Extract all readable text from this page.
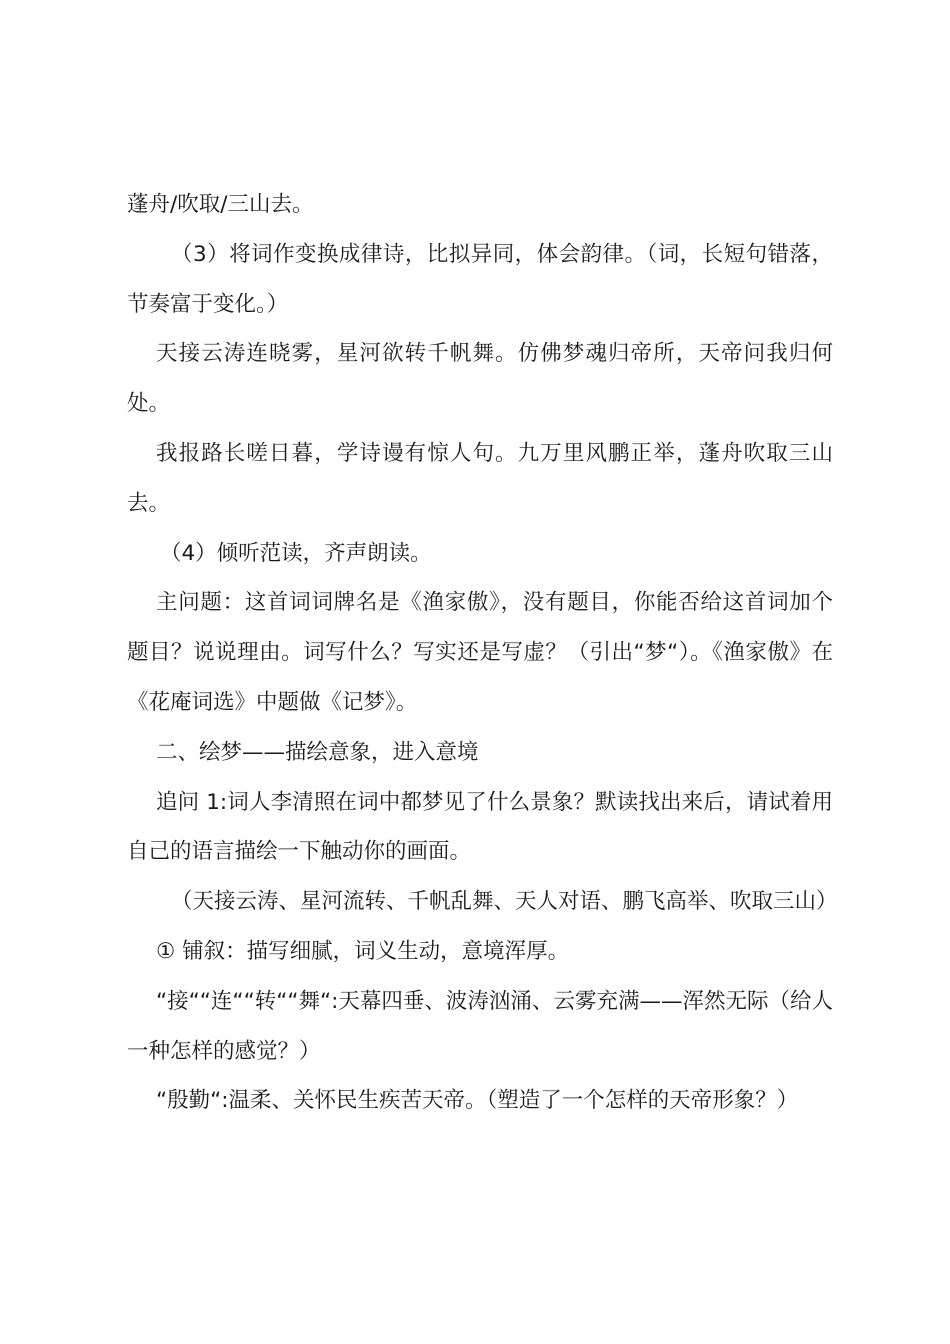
蓬舟/吹取/三山去。

（3）将词作变换成律诗，比拟异同，体会韵律。（词，长短句错落，节奏富于变化。）

天接云涛连晓雾，星河欲转千帆舞。仿佛梦魂归帝所，天帝问我归何处。

我报路长嗟日暮，学诗谩有惊人句。九万里风鹏正举，蓬舟吹取三山去。

（4）倾听范读，齐声朗读。

主问题：这首词词牌名是《渔家傲》，没有题目，你能否给这首词加个题目？说说理由。词写什么？写实还是写虚？（引出“梦“）。《渔家傲》在《花庵词选》中题做《记梦》。

二、绘梦——描绘意象，进入意境

追问 1:词人李清照在词中都梦见了什么景象？默读找出来后，请试着用自己的语言描绘一下触动你的画面。

（天接云涛、星河流转、千帆乱舞、天人对语、鹏飞高举、吹取三山）

① 铺叙：描写细腻，词义生动，意境浑厚。

“接““连““转““舞“:天幕四垂、波涛汹涌、云雾充满——浑然无际（给人一种怎样的感觉？）

“殷勤“:温柔、关怀民生疾苦天帝。（塑造了一个怎样的天帝形象？）
